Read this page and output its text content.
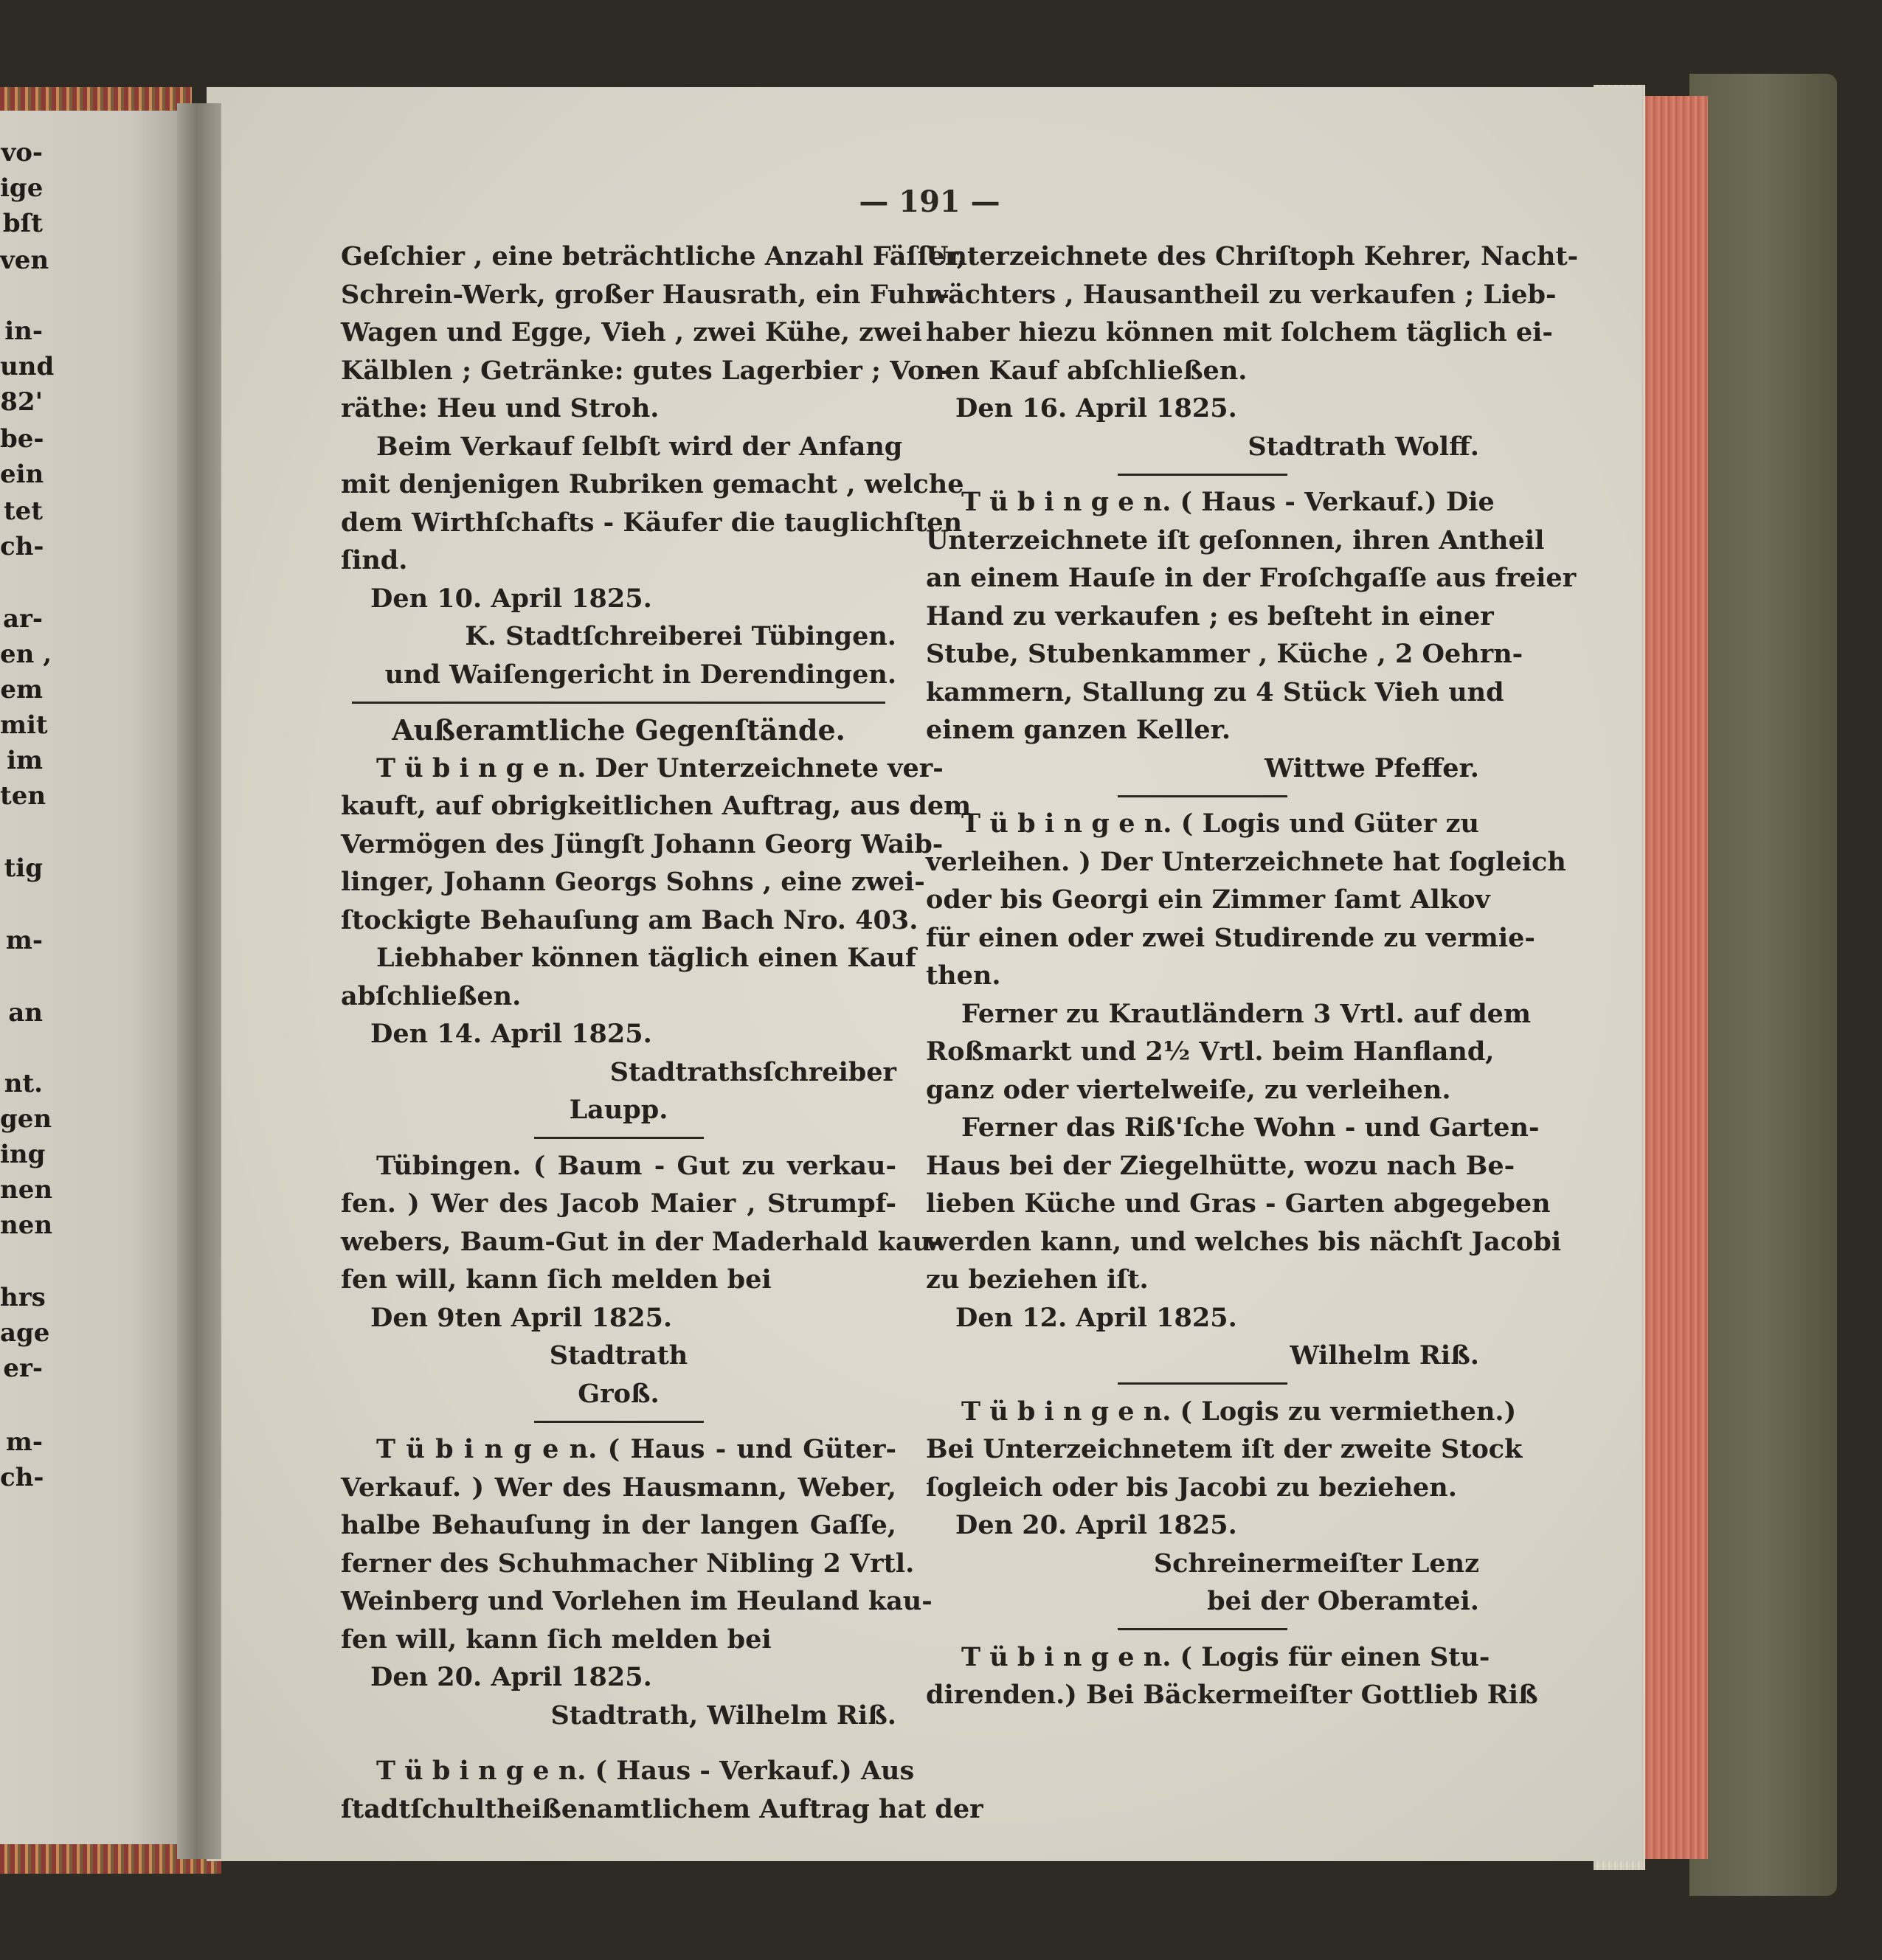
vo-
ige
bſt
ven
in-
und
82'
be-
ein
tet
ch-
ar-
en ,
em
mit
im
ten
tig
m-
an
nt.
gen
ing
nen
nen
hrs
age
er-
m-
ch-
— 191 —
Geſchier , eine beträchtliche Anzahl Fäſſer,
Schrein-Werk, großer Hausrath, ein Fuhr-
Wagen und Egge, Vieh , zwei Kühe, zwei
Kälblen ; Getränke: gutes Lagerbier ; Vor-
räthe: Heu und Stroh.
Beim Verkauf ſelbſt wird der Anfang
mit denjenigen Rubriken gemacht , welche
dem Wirthſchafts - Käufer die tauglichſten
ſind.
Den 10. April 1825.
K. Stadtſchreiberei Tübingen.
und Waiſengericht in Derendingen.
Außeramtliche Gegenſtände.
T ü b i n g e n. Der Unterzeichnete ver-
kauft, auf obrigkeitlichen Auftrag, aus dem
Vermögen des Jüngſt Johann Georg Waib-
linger, Johann Georgs Sohns , eine zwei-
ſtockigte Behauſung am Bach Nro. 403.
Liebhaber können täglich einen Kauf
abſchließen.
Den 14. April 1825.
Stadtrathsſchreiber
Laupp.
Tübingen. ( Baum - Gut zu verkau-
fen. ) Wer des Jacob Maier , Strumpf-
webers, Baum-Gut in der Maderhald kau-
fen will, kann ſich melden bei
Den 9ten April 1825.
Stadtrath
Groß.
T ü b i n g e n. ( Haus - und Güter-
Verkauf. ) Wer des Hausmann, Weber,
halbe Behauſung in der langen Gaſſe,
ferner des Schuhmacher Nibling 2 Vrtl.
Weinberg und Vorlehen im Heuland kau-
fen will, kann ſich melden bei
Den 20. April 1825.
Stadtrath, Wilhelm Riß.
T ü b i n g e n. ( Haus - Verkauf.) Aus
ſtadtſchultheißenamtlichem Auftrag hat der
Unterzeichnete des Chriſtoph Kehrer, Nacht-
wächters , Hausantheil zu verkaufen ; Lieb-
haber hiezu können mit ſolchem täglich ei-
nen Kauf abſchließen.
Den 16. April 1825.
Stadtrath Wolff.
T ü b i n g e n. ( Haus - Verkauf.) Die
Unterzeichnete iſt geſonnen, ihren Antheil
an einem Hauſe in der Froſchgaſſe aus freier
Hand zu verkaufen ; es beſteht in einer
Stube, Stubenkammer , Küche , 2 Oehrn-
kammern, Stallung zu 4 Stück Vieh und
einem ganzen Keller.
Wittwe Pfeffer.
T ü b i n g e n. ( Logis und Güter zu
verleihen. ) Der Unterzeichnete hat ſogleich
oder bis Georgi ein Zimmer ſamt Alkov
für einen oder zwei Studirende zu vermie-
then.
Ferner zu Krautländern 3 Vrtl. auf dem
Roßmarkt und 2½ Vrtl. beim Hanfland,
ganz oder viertelweiſe, zu verleihen.
Ferner das Riß'ſche Wohn - und Garten-
Haus bei der Ziegelhütte, wozu nach Be-
lieben Küche und Gras - Garten abgegeben
werden kann, und welches bis nächſt Jacobi
zu beziehen iſt.
Den 12. April 1825.
Wilhelm Riß.
T ü b i n g e n. ( Logis zu vermiethen.)
Bei Unterzeichnetem iſt der zweite Stock
ſogleich oder bis Jacobi zu beziehen.
Den 20. April 1825.
Schreinermeiſter Lenz
bei der Oberamtei.
T ü b i n g e n. ( Logis für einen Stu-
direnden.) Bei Bäckermeiſter Gottlieb Riß
